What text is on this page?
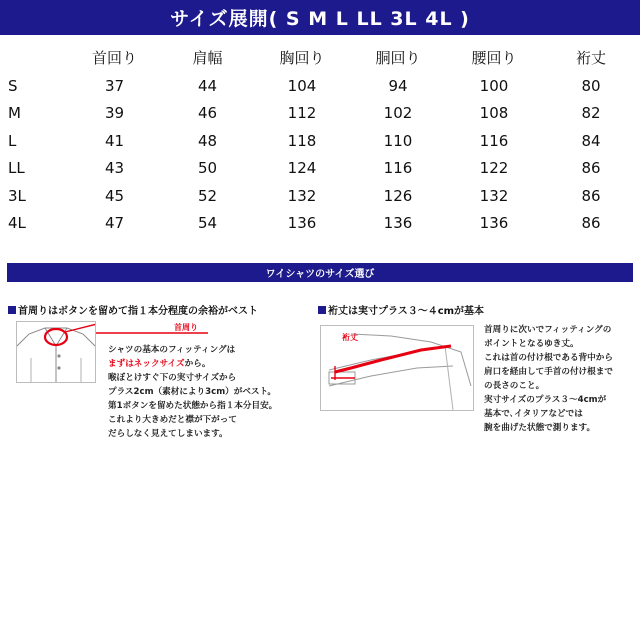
サイズ展開( S M L LL 3L 4L )
	首回り	肩幅	胸回り	胴回り	腰回り	裄丈
S	37	44	104	94	100	80
M	39	46	112	102	108	82
L	41	48	118	110	116	84
LL	43	50	124	116	122	86
3L	45	52	132	126	132	86
4L	47	54	136	136	136	86
ワイシャツのサイズ選び
首周りはボタンを留めて指１本分程度の余裕がベスト
首周り
シャツの基本のフィッティングは
まずはネックサイズから。
喉ぼとけすぐ下の実寸サイズから
プラス2cm（素材により3cm）がベスト。
第1ボタンを留めた状態から指１本分目安。
これより大きめだと襟が下がって
だらしなく見えてしまいます。
裄丈は実寸プラス３～４cmが基本
裄丈
首周りに次いでフィッティングの
ポイントとなるゆき丈。
これは首の付け根である背中から
肩口を経由して手首の付け根まで
の長さのこと。
実寸サイズのプラス３～4cmが
基本で､イタリアなどでは
腕を曲げた状態で測ります。
